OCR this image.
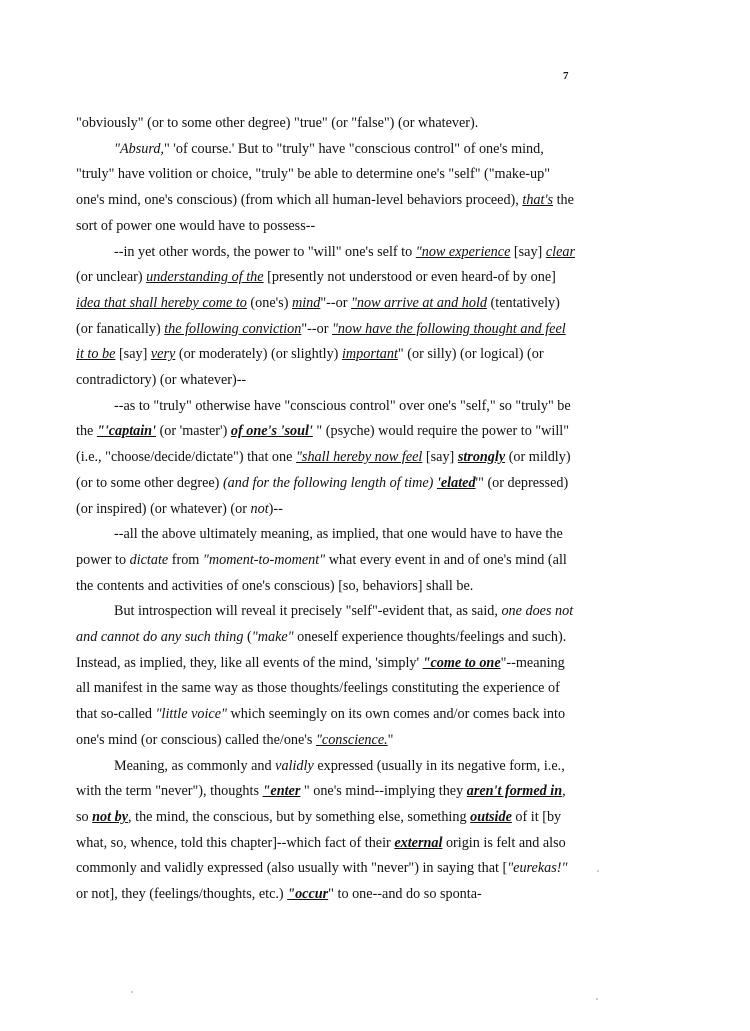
7

"obviously" (or to some other degree) "true" (or "false") (or whatever).

"Absurd," 'of course.' But to "truly" have "conscious control" of one's mind, "truly" have volition or choice, "truly" be able to determine one's "self" ("make-up" one's mind, one's conscious) (from which all human-level behaviors proceed), that's the sort of power one would have to possess--

--in yet other words, the power to "will" one's self to "now experience [say] clear (or unclear) understanding of the [presently not understood or even heard-of by one] idea that shall hereby come to (one's) mind"--or "now arrive at and hold (tentatively) (or fanatically) the following conviction"--or "now have the following thought and feel it to be [say] very (or moderately) (or slightly) important" (or silly) (or logical) (or contradictory) (or whatever)--

--as to "truly" otherwise have "conscious control" over one's "self," so "truly" be the "'captain' (or 'master') of one's 'soul' " (psyche) would require the power to "will" (i.e., "choose/decide/dictate") that one "shall hereby now feel [say] strongly (or mildly) (or to some other degree) (and for the following length of time) 'elated'" (or depressed) (or inspired) (or whatever) (or not)--

--all the above ultimately meaning, as implied, that one would have to have the power to dictate from "moment-to-moment" what every event in and of one's mind (all the contents and activities of one's conscious) [so, behaviors] shall be.

But introspection will reveal it precisely "self"-evident that, as said, one does not and cannot do any such thing ("make" oneself experience thoughts/feelings and such). Instead, as implied, they, like all events of the mind, 'simply' "come to one"--meaning all manifest in the same way as those thoughts/feelings constituting the experience of that so-called "little voice" which seemingly on its own comes and/or comes back into one's mind (or conscious) called the/one's "conscience."

Meaning, as commonly and validly expressed (usually in its negative form, i.e., with the term "never"), thoughts "enter " one's mind--implying they aren't formed in, so not by, the mind, the conscious, but by something else, something outside of it [by what, so, whence, told this chapter]--which fact of their external origin is felt and also commonly and validly expressed (also usually with "never") in saying that ["eurekas!" or not], they (feelings/thoughts, etc.) "occur" to one--and do so sponta-
